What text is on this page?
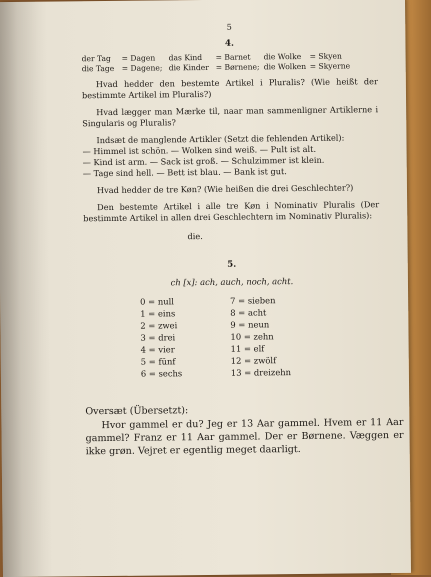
5
4.
der Tag = Dagen das Kind = Barnet die Wolke = Skyen
die Tage = Dagene; die Kinder = Børnene; die Wolken = Skyerne

Hvad hedder den bestemte Artikel i Pluralis? (Wie heißt der bestimmte Artikel im Pluralis?)

Hvad lægger man Mærke til, naar man sammenligner Artiklerne i Singularis og Pluralis?

Indsæt de manglende Artikler (Setzt die fehlenden Artikel):

— Himmel ist schön. — Wolken sind weiß. — Pult ist alt.
— Kind ist arm. — Sack ist groß. — Schulzimmer ist klein.
— Tage sind hell. — Bett ist blau. — Bank ist gut.

Hvad hedder de tre Køn? (Wie heißen die drei Geschlechter?)

Den bestemte Artikel i alle tre Køn i Nominativ Pluralis (Der bestimmte Artikel in allen drei Geschlechtern im Nominativ Pluralis):

die.
5.
ch [x]: ach, auch, noch, acht.
0 = null
1 = eins
2 = zwei
3 = drei
4 = vier
5 = fünf
6 = sechs
7 = sieben
8 = acht
9 = neun
10 = zehn
11 = elf
12 = zwölf
13 = dreizehn
Oversæt (Übersetzt):
Hvor gammel er du? Jeg er 13 Aar gammel. Hvem er 11 Aar gammel? Franz er 11 Aar gammel. Der er Børnene. Væggen er ikke grøn. Vejret er egentlig meget daarligt.
